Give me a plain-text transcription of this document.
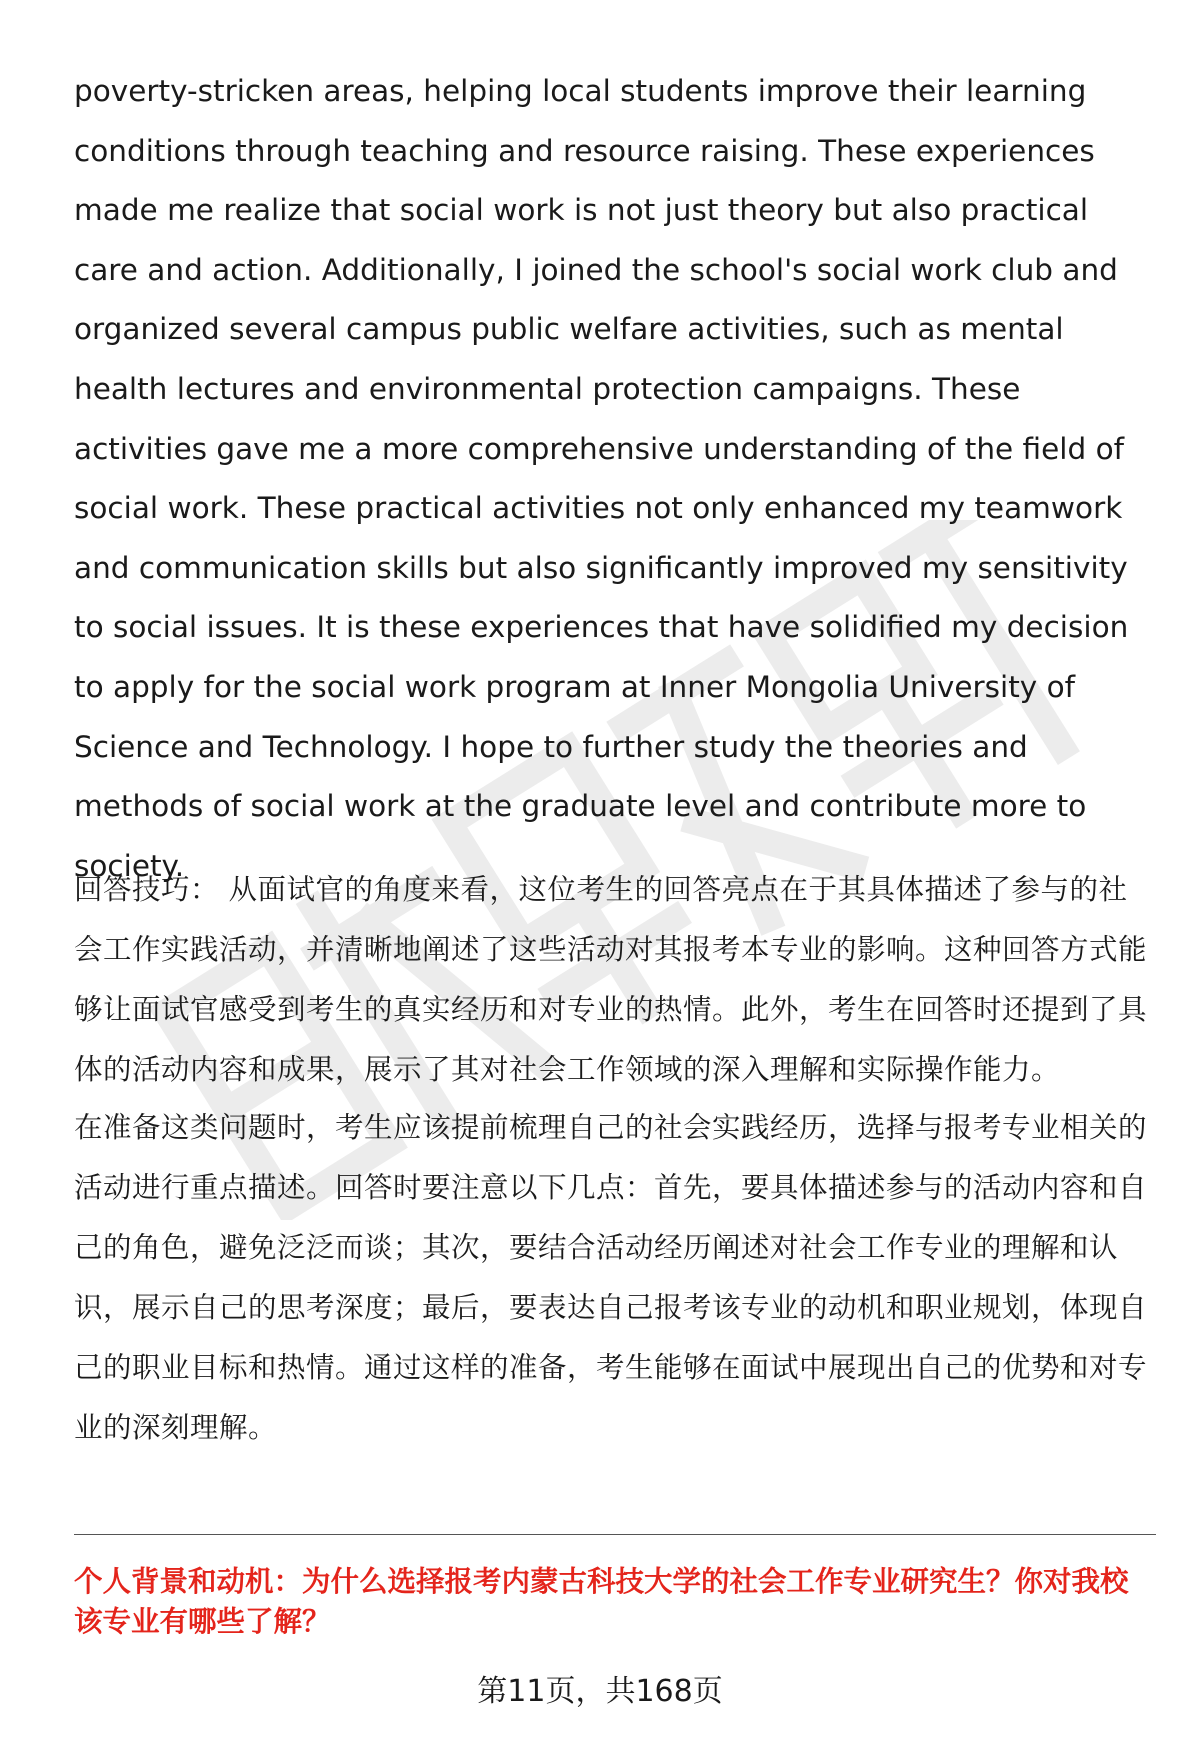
poverty-stricken areas, helping local students improve their learning conditions through teaching and resource raising. These experiences made me realize that social work is not just theory but also practical care and action. Additionally, I joined the school's social work club and organized several campus public welfare activities, such as mental health lectures and environmental protection campaigns. These activities gave me a more comprehensive understanding of the field of social work. These practical activities not only enhanced my teamwork and communication skills but also significantly improved my sensitivity to social issues. It is these experiences that have solidified my decision to apply for the social work program at Inner Mongolia University of Science and Technology. I hope to further study the theories and methods of social work at the graduate level and contribute more to society.

回答技巧： 从面试官的角度来看，这位考生的回答亮点在于其具体描述了参与的社会工作实践活动，并清晰地阐述了这些活动对其报考本专业的影响。这种回答方式能够让面试官感受到考生的真实经历和对专业的热情。此外，考生在回答时还提到了具体的活动内容和成果，展示了其对社会工作领域的深入理解和实际操作能力。

在准备这类问题时，考生应该提前梳理自己的社会实践经历，选择与报考专业相关的活动进行重点描述。回答时要注意以下几点：首先，要具体描述参与的活动内容和自己的角色，避免泛泛而谈；其次，要结合活动经历阐述对社会工作专业的理解和认识，展示自己的思考深度；最后，要表达自己报考该专业的动机和职业规划，体现自己的职业目标和热情。通过这样的准备，考生能够在面试中展现出自己的优势和对专业的深刻理解。

个人背景和动机：为什么选择报考内蒙古科技大学的社会工作专业研究生？你对我校该专业有哪些了解？

第11页，共168页
